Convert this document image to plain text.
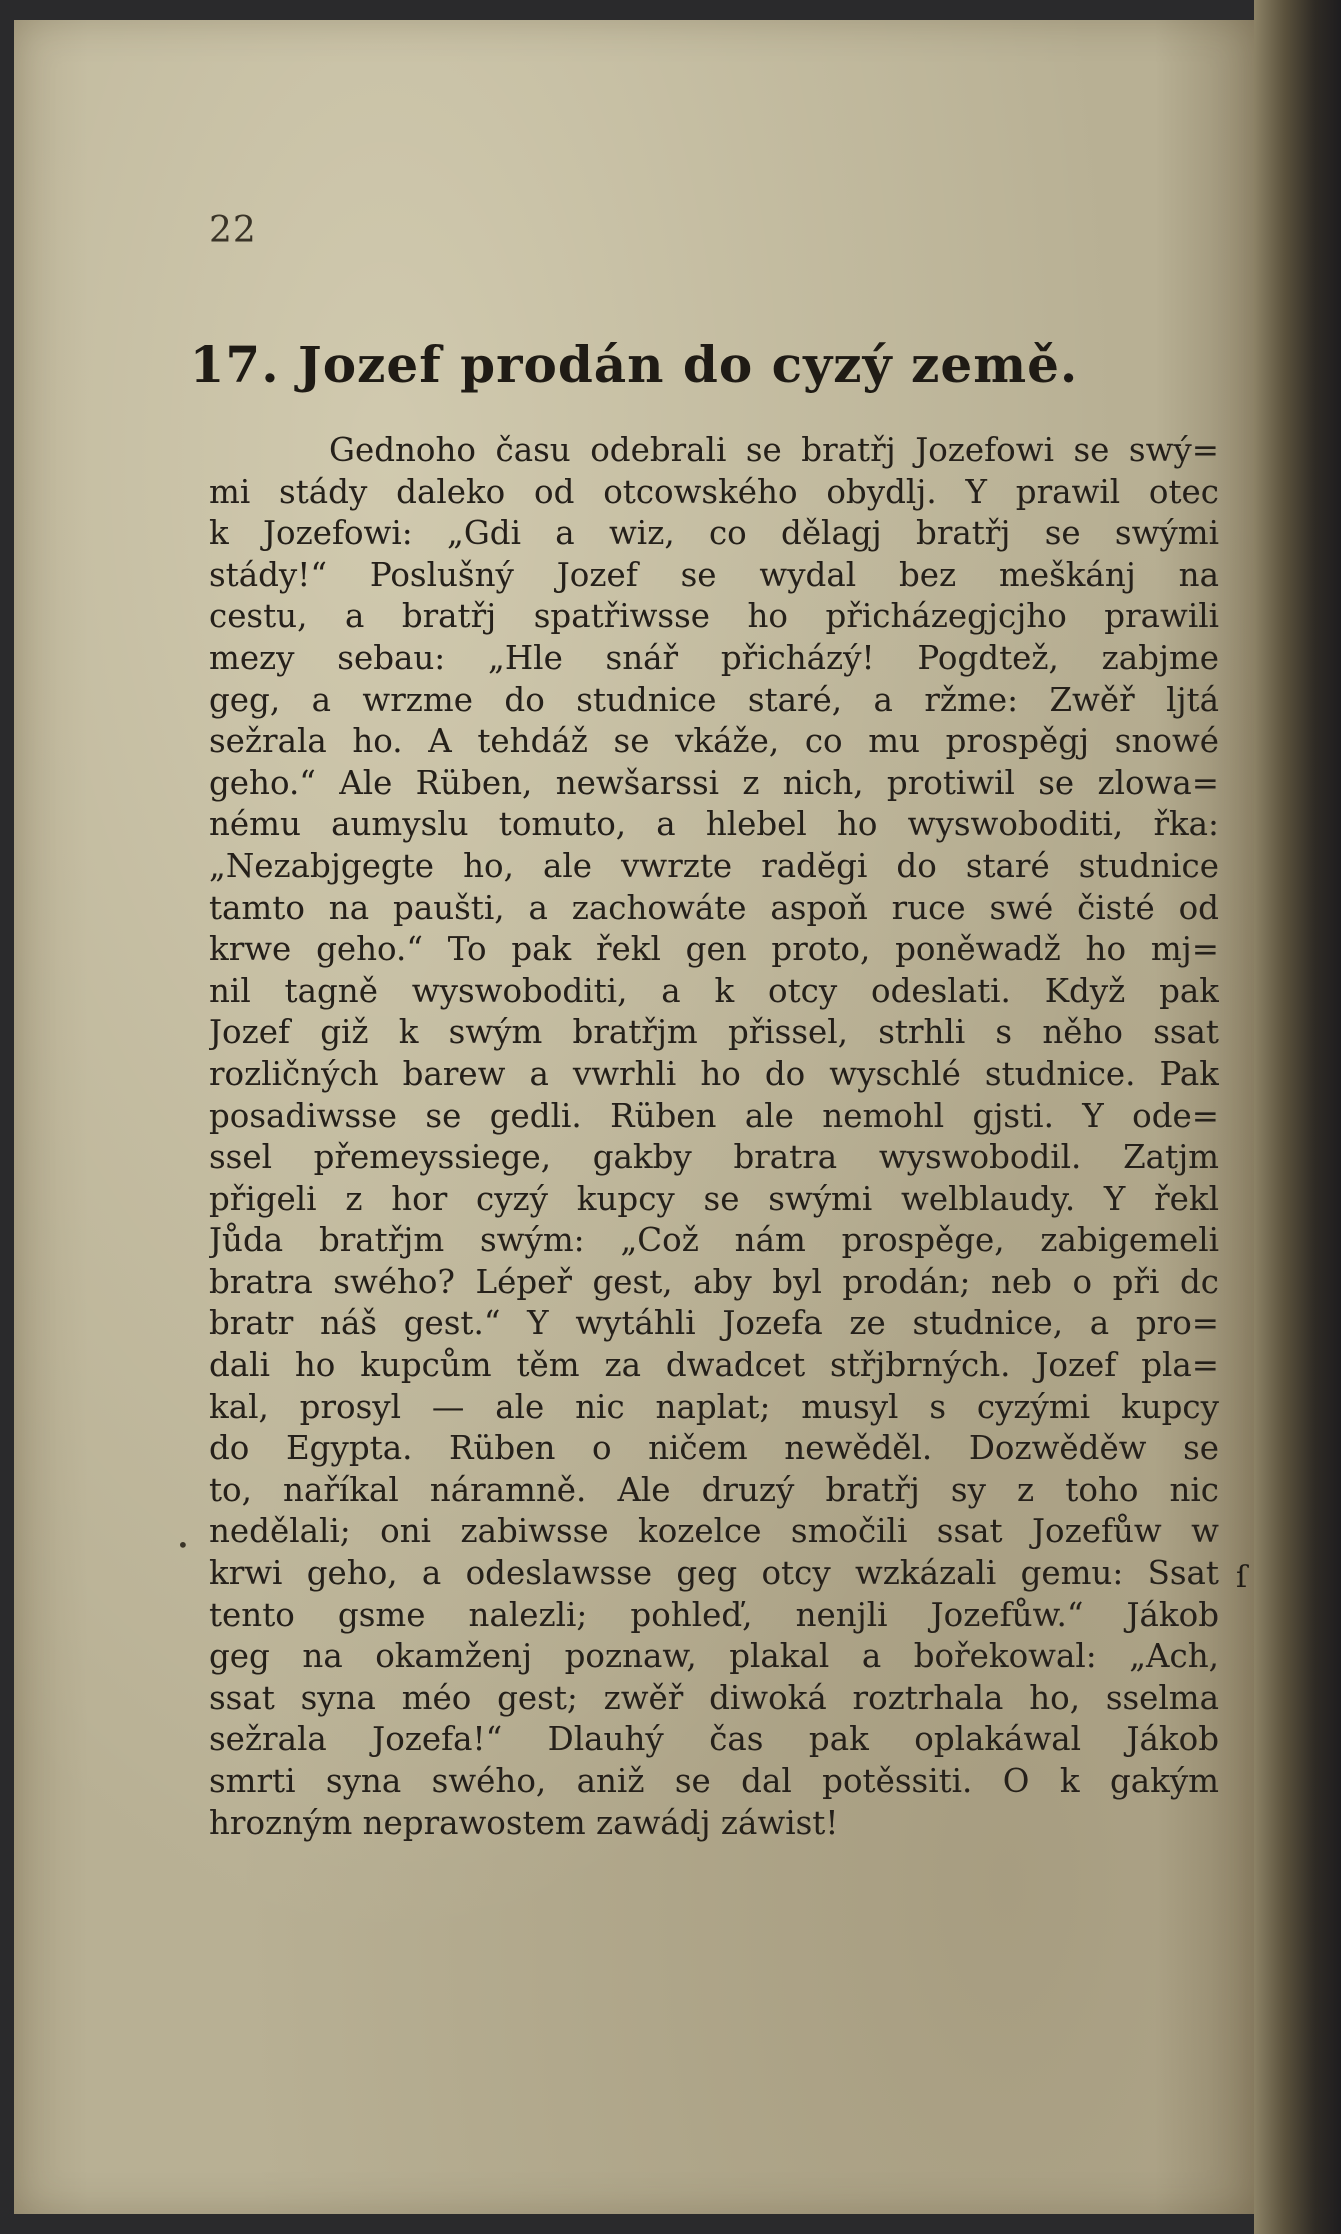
22
17. Jozef prodán do cyzý země.
Gednoho času odebrali se bratřj Jozefowi se swý=
mi stády daleko od otcowského obydlj. Y prawil otec
k Jozefowi: „Gdi a wiz, co dělagj bratřj se swými
stády!“ Poslušný Jozef se wydal bez meškánj na
cestu, a bratřj spatřiwsse ho přicházegjcjho prawili
mezy sebau: „Hle snář přicházý! Pogdtež, zabjme
geg, a wrzme do studnice staré, a ržme: Zwěř ljtá
sežrala ho. A tehdáž se vkáže, co mu prospěgj snowé
geho.“ Ale Rüben, newšarssi z nich, protiwil se zlowa=
nému aumyslu tomuto, a hlebel ho wyswoboditi, řka:
„Nezabjgegte ho, ale vwrzte radĕgi do staré studnice
tamto na paušti, a zachowáte aspoň ruce swé čisté od
krwe geho.“ To pak řekl gen proto, poněwadž ho mj=
nil tagně wyswoboditi, a k otcy odeslati. Když pak
Jozef giž k swým bratřjm přissel, strhli s něho ssat
rozličných barew a vwrhli ho do wyschlé studnice. Pak
posadiwsse se gedli. Rüben ale nemohl gjsti. Y ode=
ssel přemeyssiege, gakby bratra wyswobodil. Zatjm
přigeli z hor cyzý kupcy se swými welblaudy. Y řekl
Jůda bratřjm swým: „Což nám prospěge, zabigemeli
bratra swého? Lépeř gest, aby byl prodán; neb o při dc
bratr náš gest.“ Y wytáhli Jozefa ze studnice, a pro=
dali ho kupcům těm za dwadcet střjbrných. Jozef pla=
kal, prosyl — ale nic naplat; musyl s cyzými kupcy
do Egypta. Rüben o ničem newěděl. Dozwěděw se
to, naříkal náramně. Ale druzý bratřj sy z toho nic
nedělali; oni zabiwsse kozelce smočili ssat Jozefůw w
krwi geho, a odeslawsse geg otcy wzkázali gemu: Ssat
tento gsme nalezli; pohleď, nenjli Jozefůw.“ Jákob
geg na okamženj poznaw, plakal a bořekowal: „Ach,
ssat syna méo gest; zwěř diwoká roztrhala ho, sselma
sežrala Jozefa!“ Dlauhý čas pak oplakáwal Jákob
smrti syna swého, aniž se dal potěssiti. O k gakým
hrozným neprawostem zawádj záwist!
•
ſ
